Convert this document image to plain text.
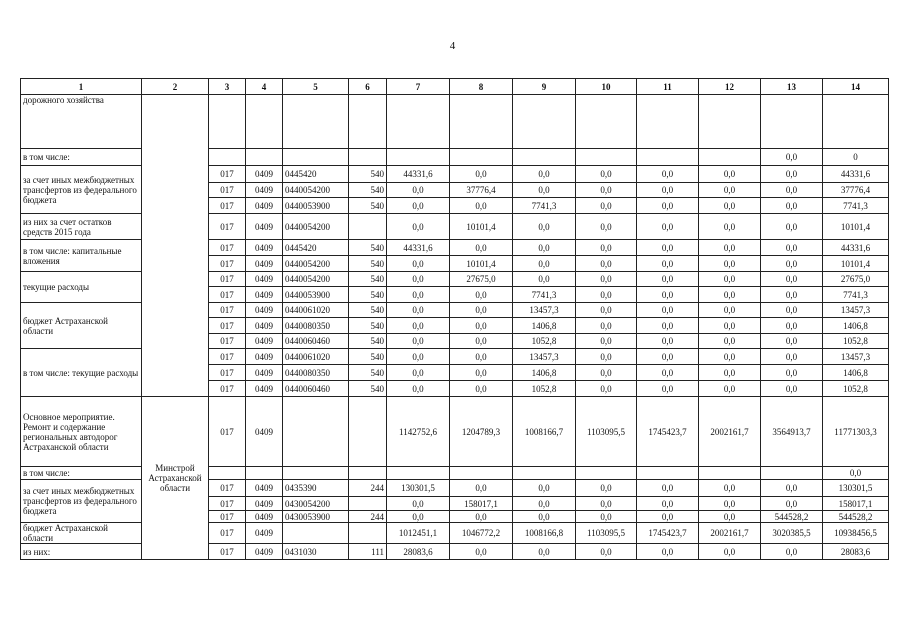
4
1	2	3	4	5	6	7	8	9	10	11	12	13	14
дорожного хозяйства													
в том числе:												0,0	0
за счет иных межбюджетных трансфертов из федерального бюджета		017	0409	0445420	540	44331,6	0,0	0,0	0,0	0,0	0,0	0,0	44331,6
		017	0409	0440054200	540	0,0	37776,4	0,0	0,0	0,0	0,0	0,0	37776,4
		017	0409	0440053900	540	0,0	0,0	7741,3	0,0	0,0	0,0	0,0	7741,3
из них за счет остатков средств 2015 года		017	0409	0440054200		0,0	10101,4	0,0	0,0	0,0	0,0	0,0	10101,4
в том числе: капитальные вложения		017	0409	0445420	540	44331,6	0,0	0,0	0,0	0,0	0,0	0,0	44331,6
		017	0409	0440054200	540	0,0	10101,4	0,0	0,0	0,0	0,0	0,0	10101,4
текущие расходы		017	0409	0440054200	540	0,0	27675,0	0,0	0,0	0,0	0,0	0,0	27675,0
		017	0409	0440053900	540	0,0	0,0	7741,3	0,0	0,0	0,0	0,0	7741,3
бюджет Астраханской области		017	0409	0440061020	540	0,0	0,0	13457,3	0,0	0,0	0,0	0,0	13457,3
		017	0409	0440080350	540	0,0	0,0	1406,8	0,0	0,0	0,0	0,0	1406,8
		017	0409	0440060460	540	0,0	0,0	1052,8	0,0	0,0	0,0	0,0	1052,8
в том числе: текущие расходы		017	0409	0440061020	540	0,0	0,0	13457,3	0,0	0,0	0,0	0,0	13457,3
		017	0409	0440080350	540	0,0	0,0	1406,8	0,0	0,0	0,0	0,0	1406,8
		017	0409	0440060460	540	0,0	0,0	1052,8	0,0	0,0	0,0	0,0	1052,8
Основное мероприятие. Ремонт и содержание региональных автодорог Астраханской области	Минстрой Астраханской области	017	0409			1142752,6	1204789,3	1008166,7	1103095,5	1745423,7	2002161,7	3564913,7	11771303,3
в том числе:													0,0
за счет иных межбюджетных трансфертов из федерального бюджета		017	0409	0435390	244	130301,5	0,0	0,0	0,0	0,0	0,0	0,0	130301,5
		017	0409	0430054200		0,0	158017,1	0,0	0,0	0,0	0,0	0,0	158017,1
		017	0409	0430053900	244	0,0	0,0	0,0	0,0	0,0	0,0	544528,2	544528,2
бюджет Астраханской области		017	0409			1012451,1	1046772,2	1008166,8	1103095,5	1745423,7	2002161,7	3020385,5	10938456,5
из них:		017	0409	0431030	111	28083,6	0,0	0,0	0,0	0,0	0,0	0,0	28083,6
